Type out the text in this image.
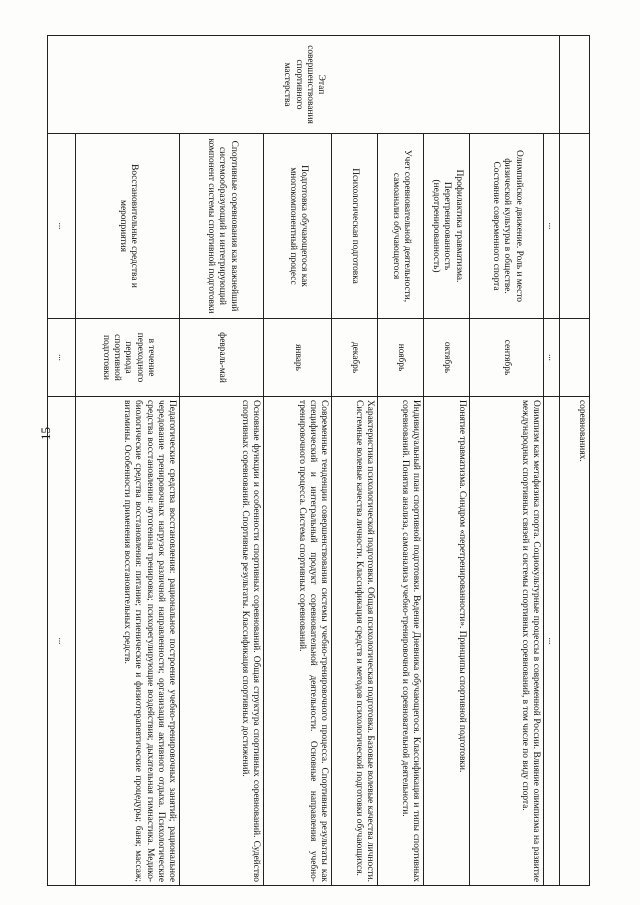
15
				соревнованиях.
Этап совершенствования спортивного мастерства	...	...	...
	Олимпийское движение. Роль и место физической культуры в обществе. Состояние современного спорта	сентябрь	Олимпизм как метафизика спорта. Социокультурные процессы в современной России. Влияние олимпизма на развитие международных спортивных связей и системы спортивных соревнований, в том числе по виду спорта.
	Профилактика травматизма. Перетренированность (недотренированность)	октябрь	Понятие травматизма. Синдром «перетренированности». Принципы спортивной подготовки.
	Учет соревновательной деятельности, самоанализ обучающегося	ноябрь	Индивидуальный план спортивной подготовки. Ведение Дневника обучающегося. Классификация и типы спортивных соревнований. Понятия анализа, самоанализа учебно-тренировочной и соревновательной деятельности.
	Психологическая подготовка	декабрь	Характеристика психологической подготовки. Общая психологическая подготовка. Базовые волевые качества личности. Системные волевые качества личности. Классификация средств и методов психологической подготовки обучающихся.
	Подготовка обучающегося как многокомпонентный процесс	январь	Современные тенденции совершенствования системы учебно-тренировочного процесса. Спортивные результаты как специфический и интегральный продукт соревновательной деятельности. Основные направления учебно-тренировочного процесса. Система спортивных соревнований.
	Спортивные соревнования как важнейший системообразующий и интегрирующий компонент системы спортивной подготовки	февраль-май	Основные функции и особенности спортивных соревнований. Общая структура спортивных соревнований. Судейство спортивных соревнований. Спортивные результаты. Классификация спортивных достижений.
	Восстановительные средства и мероприятия	в течение переходного периода спортивной подготовки	Педагогические средства восстановления: рациональное построение учебно-тренировочных занятий; рациональное чередование тренировочных нагрузок различной направленности; организация активного отдыха. Психологические средства восстановления: аутогенная тренировка; психорегулирующие воздействия; дыхательная гимнастика. Медико-биологические средства восстановления: питание; гигиенические и физиотерапевтические процедуры; баня; массаж; витамины. Особенности применения восстановительных средств.
	...	...	...
